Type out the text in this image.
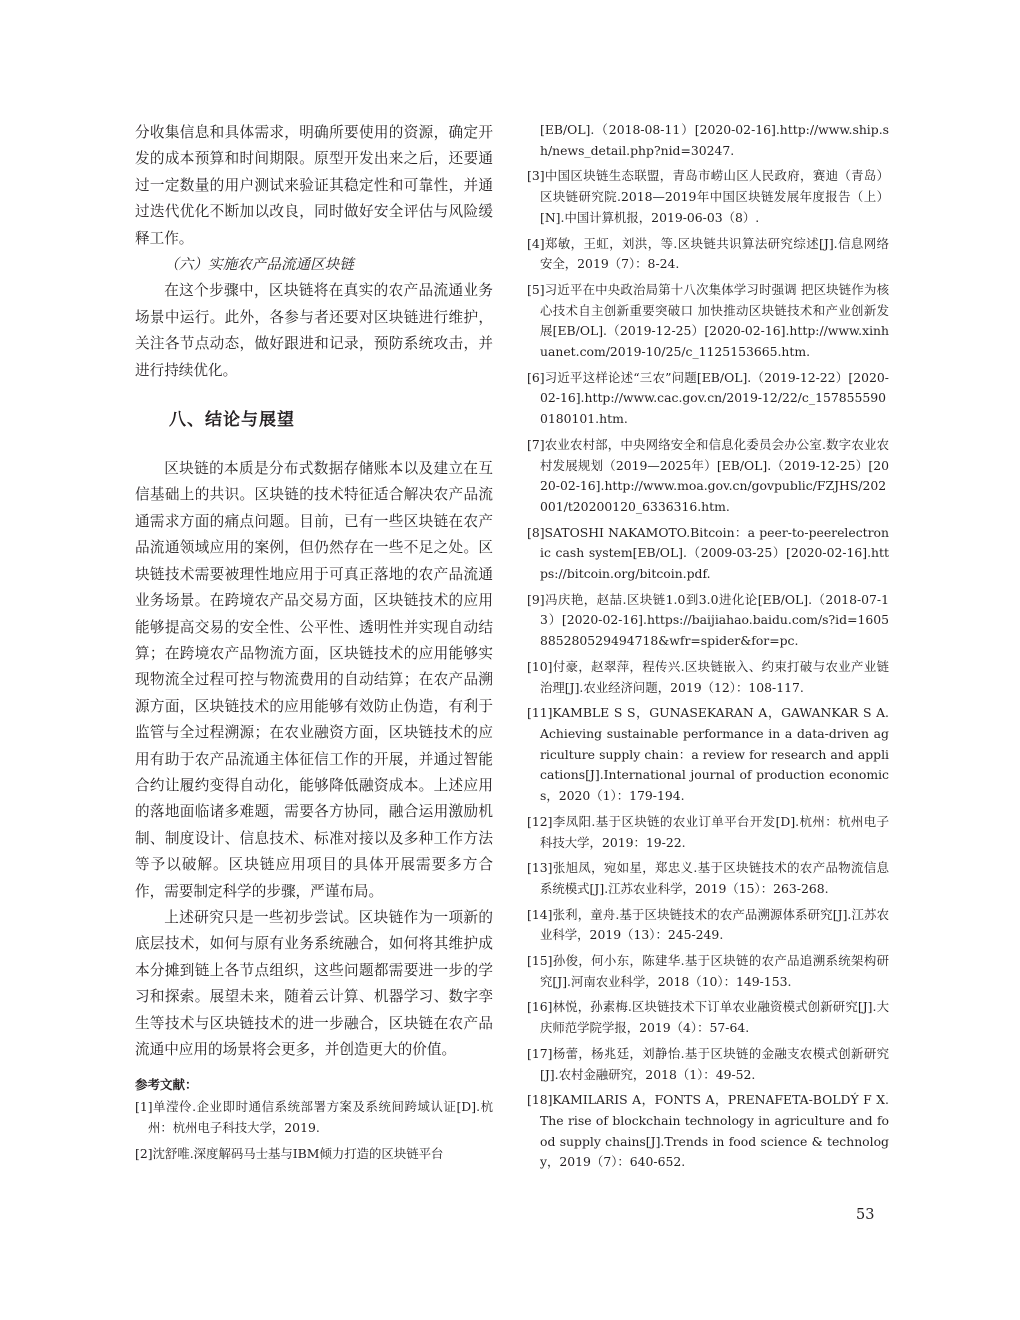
分收集信息和具体需求，明确所要使用的资源，确定开发的成本预算和时间期限。原型开发出来之后，还要通过一定数量的用户测试来验证其稳定性和可靠性，并通过迭代优化不断加以改良，同时做好安全评估与风险缓释工作。

（六）实施农产品流通区块链

在这个步骤中，区块链将在真实的农产品流通业务场景中运行。此外，各参与者还要对区块链进行维护，关注各节点动态，做好跟进和记录，预防系统攻击，并进行持续优化。

八、结论与展望

区块链的本质是分布式数据存储账本以及建立在互信基础上的共识。区块链的技术特征适合解决农产品流通需求方面的痛点问题。目前，已有一些区块链在农产品流通领域应用的案例，但仍然存在一些不足之处。区块链技术需要被理性地应用于可真正落地的农产品流通业务场景。在跨境农产品交易方面，区块链技术的应用能够提高交易的安全性、公平性、透明性并实现自动结算；在跨境农产品物流方面，区块链技术的应用能够实现物流全过程可控与物流费用的自动结算；在农产品溯源方面，区块链技术的应用能够有效防止伪造，有利于监管与全过程溯源；在农业融资方面，区块链技术的应用有助于农产品流通主体征信工作的开展，并通过智能合约让履约变得自动化，能够降低融资成本。上述应用的落地面临诸多难题，需要各方协同，融合运用激励机制、制度设计、信息技术、标准对接以及多种工作方法等予以破解。区块链应用项目的具体开展需要多方合作，需要制定科学的步骤，严谨布局。

上述研究只是一些初步尝试。区块链作为一项新的底层技术，如何与原有业务系统融合，如何将其维护成本分摊到链上各节点组织，这些问题都需要进一步的学习和探索。展望未来，随着云计算、机器学习、数字孪生等技术与区块链技术的进一步融合，区块链在农产品流通中应用的场景将会更多，并创造更大的价值。

参考文献：

[1]单滢伶.企业即时通信系统部署方案及系统间跨域认证[D].杭州：杭州电子科技大学，2019.

[2]沈舒唯.深度解码马士基与IBM倾力打造的区块链平台

[EB/OL].（2018-08-11）[2020-02-16].http://www.ship.sh/news_detail.php?nid=30247.

[3]中国区块链生态联盟，青岛市崂山区人民政府，赛迪（青岛）区块链研究院.2018—2019年中国区块链发展年度报告（上）[N].中国计算机报，2019-06-03（8）.

[4]郑敏，王虹，刘洪，等.区块链共识算法研究综述[J].信息网络安全，2019（7）：8-24.

[5]习近平在中央政治局第十八次集体学习时强调 把区块链作为核心技术自主创新重要突破口 加快推动区块链技术和产业创新发展[EB/OL].（2019-12-25）[2020-02-16].http://www.xinhuanet.com/2019-10/25/c_1125153665.htm.

[6]习近平这样论述“三农”问题[EB/OL].（2019-12-22）[2020-02-16].http://www.cac.gov.cn/2019-12/22/c_1578555900180101.htm.

[7]农业农村部，中央网络安全和信息化委员会办公室.数字农业农村发展规划（2019—2025年）[EB/OL].（2019-12-25）[2020-02-16].http://www.moa.gov.cn/govpublic/FZJHS/202001/t20200120_6336316.htm.

[8]SATOSHI NAKAMOTO.Bitcoin：a peer-to-peerelectronic cash system[EB/OL].（2009-03-25）[2020-02-16].https://bitcoin.org/bitcoin.pdf.

[9]冯庆艳，赵喆.区块链1.0到3.0进化论[EB/OL].（2018-07-13）[2020-02-16].https://baijiahao.baidu.com/s?id=1605885280529494718&wfr=spider&for=pc.

[10]付豪，赵翠萍，程传兴.区块链嵌入、约束打破与农业产业链治理[J].农业经济问题，2019（12）：108-117.

[11]KAMBLE S S，GUNASEKARAN A，GAWANKAR S A. Achieving sustainable performance in a data-driven agriculture supply chain：a review for research and applications[J].International journal of production economics，2020（1）：179-194.

[12]李凤阳.基于区块链的农业订单平台开发[D].杭州：杭州电子科技大学，2019：19-22.

[13]张旭凤，宛如星，郑忠义.基于区块链技术的农产品物流信息系统模式[J].江苏农业科学，2019（15）：263-268.

[14]张利，童舟.基于区块链技术的农产品溯源体系研究[J].江苏农业科学，2019（13）：245-249.

[15]孙俊，何小东，陈建华.基于区块链的农产品追溯系统架构研究[J].河南农业科学，2018（10）：149-153.

[16]林悦，孙素梅.区块链技术下订单农业融资模式创新研究[J].大庆师范学院学报，2019（4）：57-64.

[17]杨蕾，杨兆廷，刘静怡.基于区块链的金融支农模式创新研究[J].农村金融研究，2018（1）：49-52.

[18]KAMILARIS A，FONTS A，PRENAFETA-BOLDÝ F X. The rise of blockchain technology in agriculture and food supply chains[J].Trends in food science & technology，2019（7）：640-652.

53
